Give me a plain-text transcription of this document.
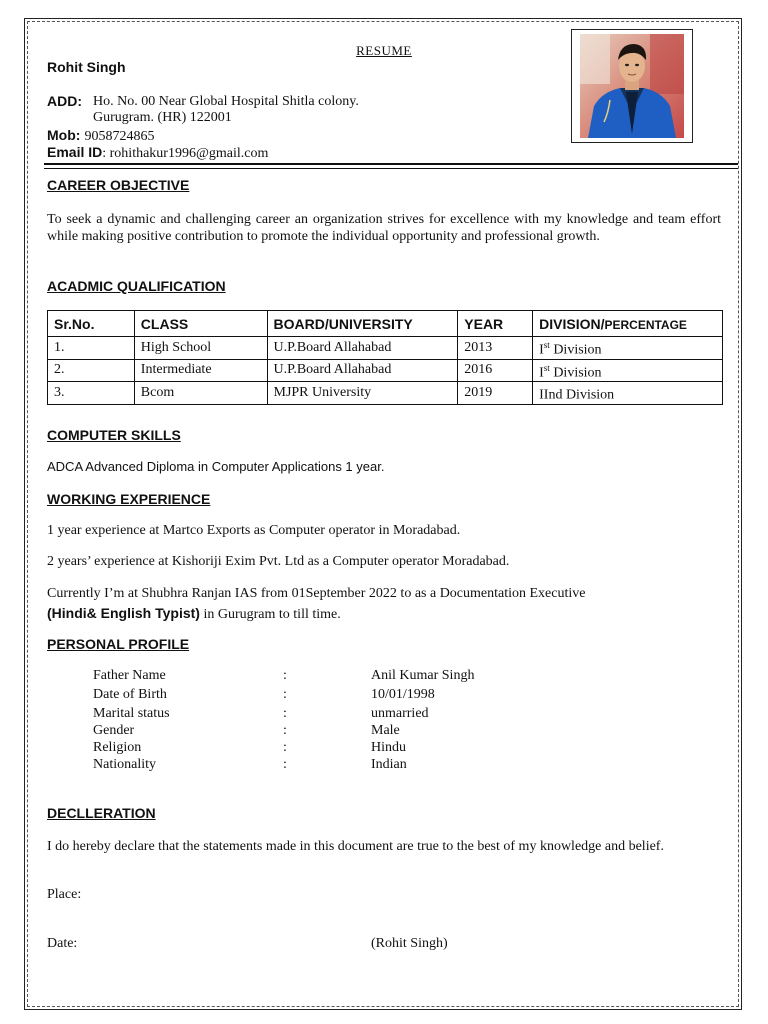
RESUME
Rohit Singh
ADD: Ho. No. 00 Near Global Hospital Shitla colony.
Gurugram. (HR) 122001
Mob: 9058724865
Email ID: rohithakur1996@gmail.com
CAREER OBJECTIVE
To seek a dynamic and challenging career an organization strives for excellence with my knowledge and team effort while making positive contribution to promote the individual opportunity and professional growth.
ACADMIC QUALIFICATION
Sr.No.	CLASS	BOARD/UNIVERSITY	YEAR	DIVISION/PERCENTAGE
1.	High School	U.P.Board Allahabad	2013	Ist Division
2.	Intermediate	U.P.Board Allahabad	2016	Ist Division
3.	Bcom	MJPR University	2019	IInd Division
COMPUTER SKILLS
ADCA Advanced Diploma in Computer Applications 1 year.
WORKING EXPERIENCE
1 year experience at Martco Exports as Computer operator in Moradabad.
2 years’ experience at Kishoriji Exim Pvt. Ltd as a Computer operator Moradabad.
Currently I’m at Shubhra Ranjan IAS from 01September 2022 to as a Documentation Executive
(Hindi& English Typist) in Gurugram to till time.
PERSONAL PROFILE
Father Name	:	Anil Kumar Singh
Date of Birth	:	10/01/1998
Marital status	:	unmarried
Gender	:	Male
Religion	:	Hindu
Nationality	:	Indian
DECLLERATION
I do hereby declare that the statements made in this document are true to the best of my knowledge and belief.
Place:
Date:	(Rohit Singh)
